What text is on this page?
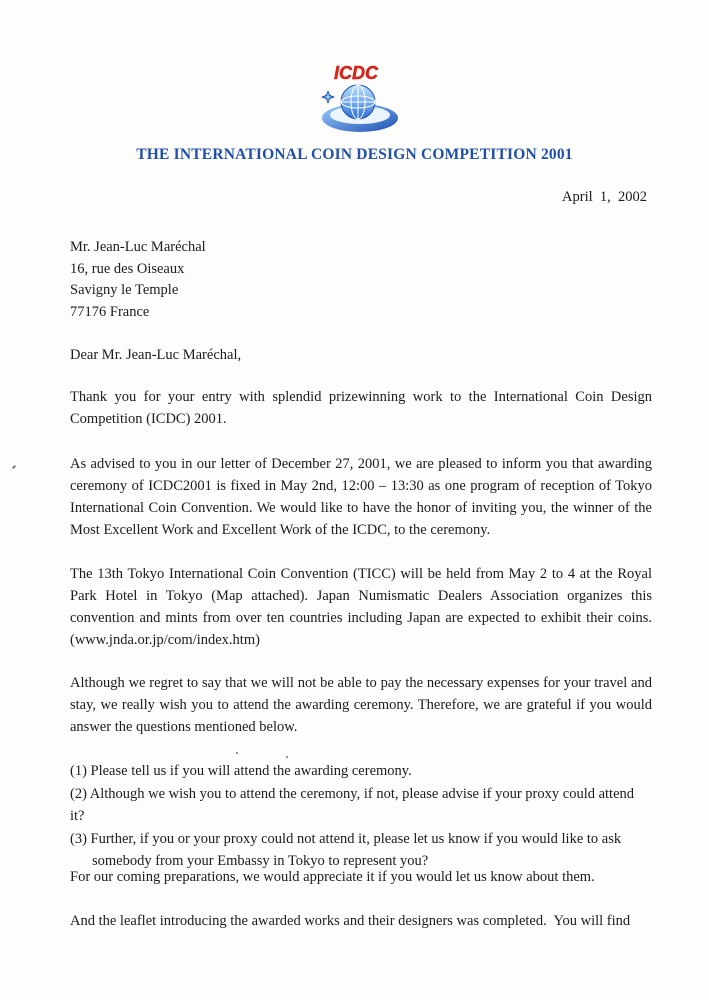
ICDC
THE INTERNATIONAL COIN DESIGN COMPETITION 2001
April  1,  2002
Mr. Jean-Luc Maréchal
16, rue des Oiseaux
Savigny le Temple
77176 France
Dear Mr. Jean-Luc Maréchal,
Thank you for your entry with splendid prizewinning work to the International Coin Design Competition (ICDC) 2001.
As advised to you in our letter of December 27, 2001, we are pleased to inform you that awarding ceremony of ICDC2001 is fixed in May 2nd, 12:00 – 13:30 as one program of reception of Tokyo International Coin Convention. We would like to have the honor of inviting you, the winner of the Most Excellent Work and Excellent Work of the ICDC, to the ceremony.
The 13th Tokyo International Coin Convention (TICC) will be held from May 2 to 4 at the Royal Park Hotel in Tokyo (Map attached). Japan Numismatic Dealers Association organizes this convention and mints from over ten countries including Japan are expected to exhibit their coins. (www.jnda.or.jp/com/index.htm)
Although we regret to say that we will not be able to pay the necessary expenses for your travel and stay, we really wish you to attend the awarding ceremony. Therefore, we are grateful if you would answer the questions mentioned below.
(1) Please tell us if you will attend the awarding ceremony.
(2) Although we wish you to attend the ceremony, if not, please advise if your proxy could attend it?
(3) Further, if you or your proxy could not attend it, please let us know if you would like to ask somebody from your Embassy in Tokyo to represent you?
For our coming preparations, we would appreciate it if you would let us know about them.
And the leaflet introducing the awarded works and their designers was completed.  You will find
